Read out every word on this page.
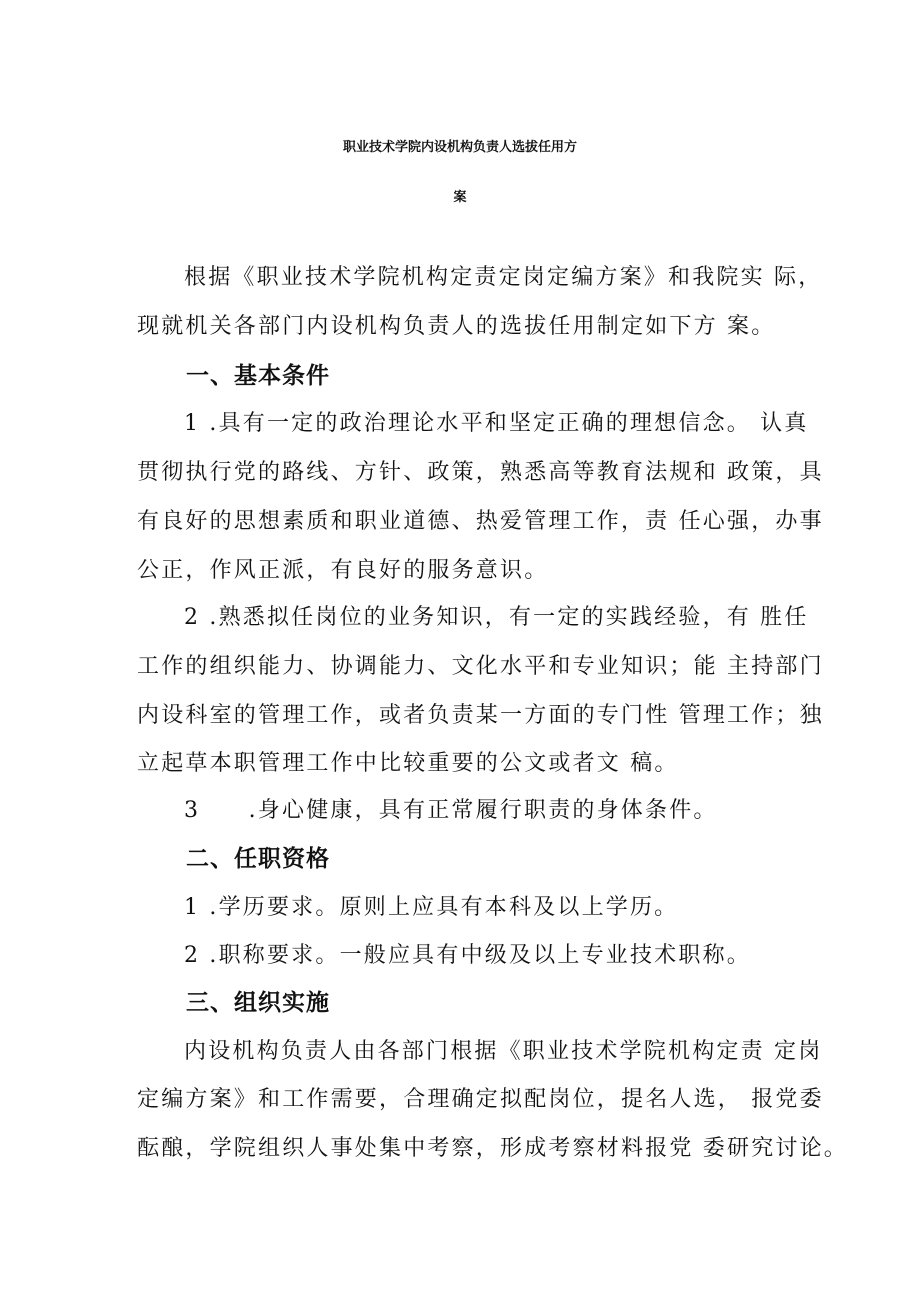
职业技术学院内设机构负责人选拔任用方
案
根据《职业技术学院机构定责定岗定编方案》和我院实 际，
现就机关各部门内设机构负责人的选拔任用制定如下方 案。
一、基本条件
1 .具有一定的政治理论水平和坚定正确的理想信念。 认真
贯彻执行党的路线、方针、政策，熟悉高等教育法规和 政策，具
有良好的思想素质和职业道德、热爱管理工作，责 任心强，办事
公正，作风正派，有良好的服务意识。
2 .熟悉拟任岗位的业务知识，有一定的实践经验，有 胜任
工作的组织能力、协调能力、文化水平和专业知识；能 主持部门
内设科室的管理工作，或者负责某一方面的专门性 管理工作；独
立起草本职管理工作中比较重要的公文或者文 稿。
3　　.身心健康，具有正常履行职责的身体条件。
二、任职资格
1 .学历要求。原则上应具有本科及以上学历。
2 .职称要求。一般应具有中级及以上专业技术职称。
三、组织实施
内设机构负责人由各部门根据《职业技术学院机构定责 定岗
定编方案》和工作需要，合理确定拟配岗位，提名人选， 报党委
酝酿，学院组织人事处集中考察，形成考察材料报党 委研究讨论。
